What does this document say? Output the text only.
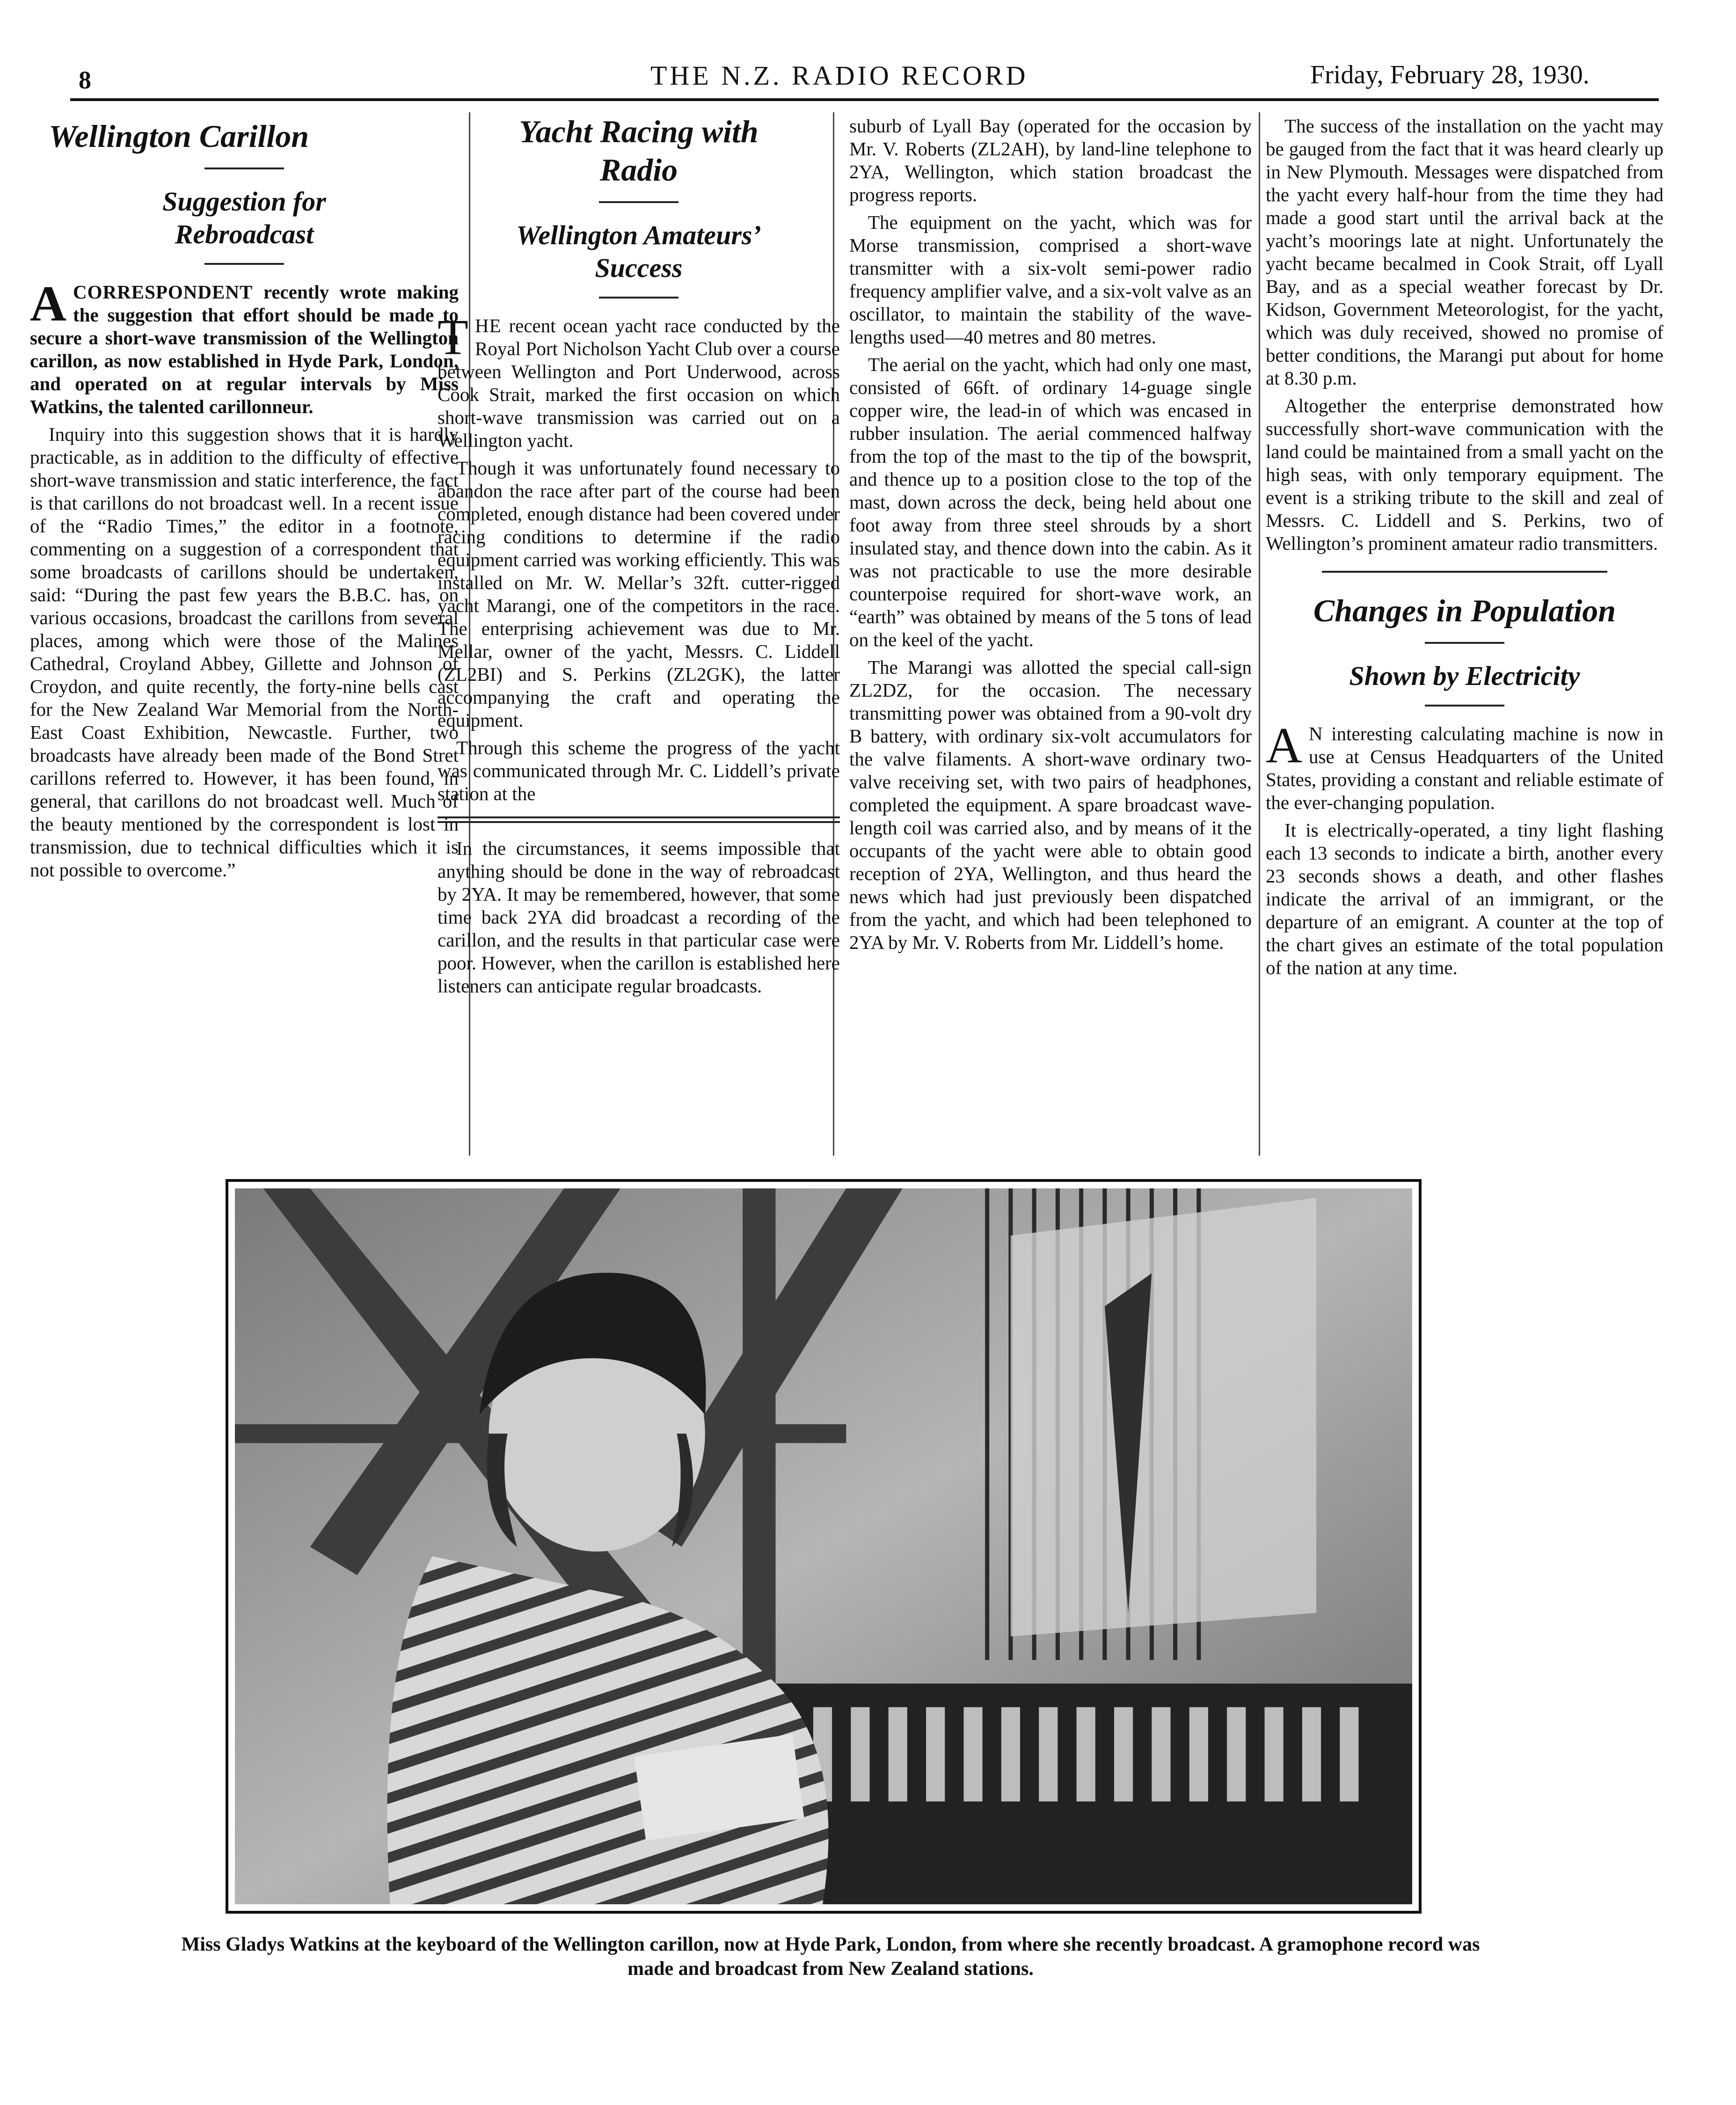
8	THE N.Z. RADIO RECORD	Friday, February 28, 1930.
Wellington Carillon
Suggestion for
Rebroadcast

ACORRESPONDENT recently wrote making the suggestion that effort should be made to secure a short-wave transmission of the Wellington carillon, as now established in Hyde Park, London, and operated on at regular intervals by Miss Watkins, the talented carillonneur.

Inquiry into this suggestion shows that it is hardly practicable, as in addition to the difficulty of effective short-wave transmission and static interference, the fact is that carillons do not broadcast well. In a recent issue of the “Radio Times,” the editor in a footnote, commenting on a suggestion of a correspondent that some broadcasts of carillons should be undertaken, said: “During the past few years the B.B.C. has, on various occasions, broadcast the carillons from several places, among which were those of the Malines Cathedral, Croyland Abbey, Gillette and Johnson of Croydon, and quite recently, the forty-nine bells cast for the New Zealand War Memorial from the North-East Coast Exhibition, Newcastle. Further, two broadcasts have already been made of the Bond Stret carillons referred to. However, it has been found, in general, that carillons do not broadcast well. Much of the beauty mentioned by the correspondent is lost in transmission, due to technical difficulties which it is not possible to overcome.”

Yacht Racing with
Radio
Wellington Amateurs’
Success

THE recent ocean yacht race conducted by the Royal Port Nicholson Yacht Club over a course between Wellington and Port Underwood, across Cook Strait, marked the first occasion on which short-wave transmission was carried out on a Wellington yacht.

Though it was unfortunately found necessary to abandon the race after part of the course had been completed, enough distance had been covered under racing conditions to determine if the radio equipment carried was working efficiently. This was installed on Mr. W. Mellar’s 32ft. cutter-rigged yacht Marangi, one of the competitors in the race. The enterprising achievement was due to Mr. Mellar, owner of the yacht, Messrs. C. Liddell (ZL2BI) and S. Perkins (ZL2GK), the latter accompanying the craft and operating the equipment.

Through this scheme the progress of the yacht was communicated through Mr. C. Liddell’s private station at the

In the circumstances, it seems impossible that anything should be done in the way of rebroadcast by 2YA. It may be remembered, however, that some time back 2YA did broadcast a recording of the carillon, and the results in that particular case were poor. However, when the carillon is established here listeners can anticipate regular broadcasts.

suburb of Lyall Bay (operated for the occasion by Mr. V. Roberts (ZL2AH), by land-line telephone to 2YA, Wellington, which station broadcast the progress reports.

The equipment on the yacht, which was for Morse transmission, comprised a short-wave transmitter with a six-volt semi-power radio frequency amplifier valve, and a six-volt valve as an oscillator, to maintain the stability of the wave-lengths used—40 metres and 80 metres.

The aerial on the yacht, which had only one mast, consisted of 66ft. of ordinary 14-guage single copper wire, the lead-in of which was encased in rubber insulation. The aerial commenced halfway from the top of the mast to the tip of the bowsprit, and thence up to a position close to the top of the mast, down across the deck, being held about one foot away from three steel shrouds by a short insulated stay, and thence down into the cabin. As it was not practicable to use the more desirable counterpoise required for short-wave work, an “earth” was obtained by means of the 5 tons of lead on the keel of the yacht.

The Marangi was allotted the special call-sign ZL2DZ, for the occasion. The necessary transmitting power was obtained from a 90-volt dry B battery, with ordinary six-volt accumulators for the valve filaments. A short-wave ordinary two-valve receiving set, with two pairs of headphones, completed the equipment. A spare broadcast wave-length coil was carried also, and by means of it the occupants of the yacht were able to obtain good reception of 2YA, Wellington, and thus heard the news which had just previously been dispatched from the yacht, and which had been telephoned to 2YA by Mr. V. Roberts from Mr. Liddell’s home.

The success of the installation on the yacht may be gauged from the fact that it was heard clearly up in New Plymouth. Messages were dispatched from the yacht every half-hour from the time they had made a good start until the arrival back at the yacht’s moorings late at night. Unfortunately the yacht became becalmed in Cook Strait, off Lyall Bay, and as a special weather forecast by Dr. Kidson, Government Meteorologist, for the yacht, which was duly received, showed no promise of better conditions, the Marangi put about for home at 8.30 p.m.

Altogether the enterprise demonstrated how successfully short-wave communication with the land could be maintained from a small yacht on the high seas, with only temporary equipment. The event is a striking tribute to the skill and zeal of Messrs. C. Liddell and S. Perkins, two of Wellington’s prominent amateur radio transmitters.

Changes in Population
Shown by Electricity

A N interesting calculating machine is now in use at Census Headquarters of the United States, providing a constant and reliable estimate of the ever-changing population.

It is electrically-operated, a tiny light flashing each 13 seconds to indicate a birth, another every 23 seconds shows a death, and other flashes indicate the arrival of an immigrant, or the departure of an emigrant. A counter at the top of the chart gives an estimate of the total population of the nation at any time.

Miss Gladys Watkins at the keyboard of the Wellington carillon, now at Hyde Park, London, from where she recently broadcast. A gramophone record was made and broadcast from New Zealand stations.
